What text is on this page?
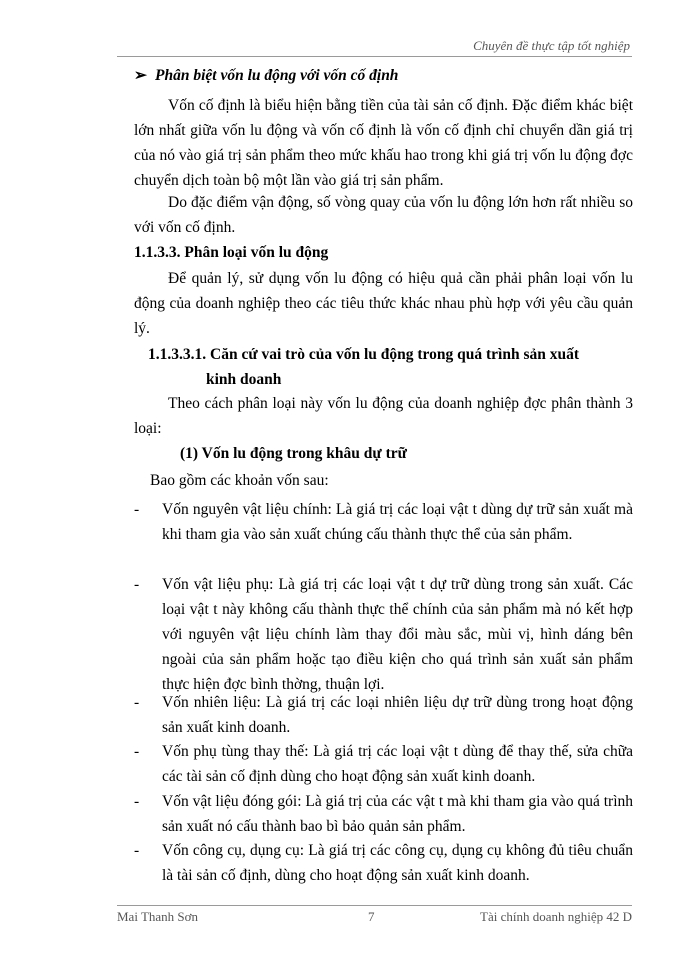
Chuyên đề thực tập tốt nghiệp
➢ Phân biệt vốn lu động với vốn cố định

Vốn cố định là biểu hiện bằng tiền của tài sản cố định. Đặc điểm khác biệt lớn nhất giữa vốn lu động và vốn cố định là vốn cố định chỉ chuyển dần giá trị của nó vào giá trị sản phẩm theo mức khấu hao trong khi giá trị vốn lu động đợc chuyển dịch toàn bộ một lần vào giá trị sản phẩm.

Do đặc điểm vận động, số vòng quay của vốn lu động lớn hơn rất nhiều so với vốn cố định.

1.1.3.3. Phân loại vốn lu động

Để quản lý, sử dụng vốn lu động có hiệu quả cần phải phân loại vốn lu động của doanh nghiệp theo các tiêu thức khác nhau phù hợp với yêu cầu quản lý.

1.1.3.3.1. Căn cứ vai trò của vốn lu động trong quá trình sản xuất
kinh doanh

Theo cách phân loại này vốn lu động của doanh nghiệp đợc phân thành 3 loại:

(1) Vốn lu động trong khâu dự trữ
Bao gồm các khoản vốn sau:
- Vốn nguyên vật liệu chính: Là giá trị các loại vật t dùng dự trữ sản xuất mà khi tham gia vào sản xuất chúng cấu thành thực thể của sản phẩm.
- Vốn vật liệu phụ: Là giá trị các loại vật t dự trữ dùng trong sản xuất. Các loại vật t này không cấu thành thực thể chính của sản phẩm mà nó kết hợp với nguyên vật liệu chính làm thay đổi màu sắc, mùi vị, hình dáng bên ngoài của sản phẩm hoặc tạo điều kiện cho quá trình sản xuất sản phẩm thực hiện đợc bình thờng, thuận lợi.
- Vốn nhiên liệu: Là giá trị các loại nhiên liệu dự trữ dùng trong hoạt động sản xuất kinh doanh.
- Vốn phụ tùng thay thế: Là giá trị các loại vật t dùng để thay thế, sửa chữa các tài sản cố định dùng cho hoạt động sản xuất kinh doanh.
- Vốn vật liệu đóng gói: Là giá trị của các vật t mà khi tham gia vào quá trình sản xuất nó cấu thành bao bì bảo quản sản phẩm.
- Vốn công cụ, dụng cụ: Là giá trị các công cụ, dụng cụ không đủ tiêu chuẩn là tài sản cố định, dùng cho hoạt động sản xuất kinh doanh.
Mai Thanh Sơn	7	Tài chính doanh nghiệp 42 D
